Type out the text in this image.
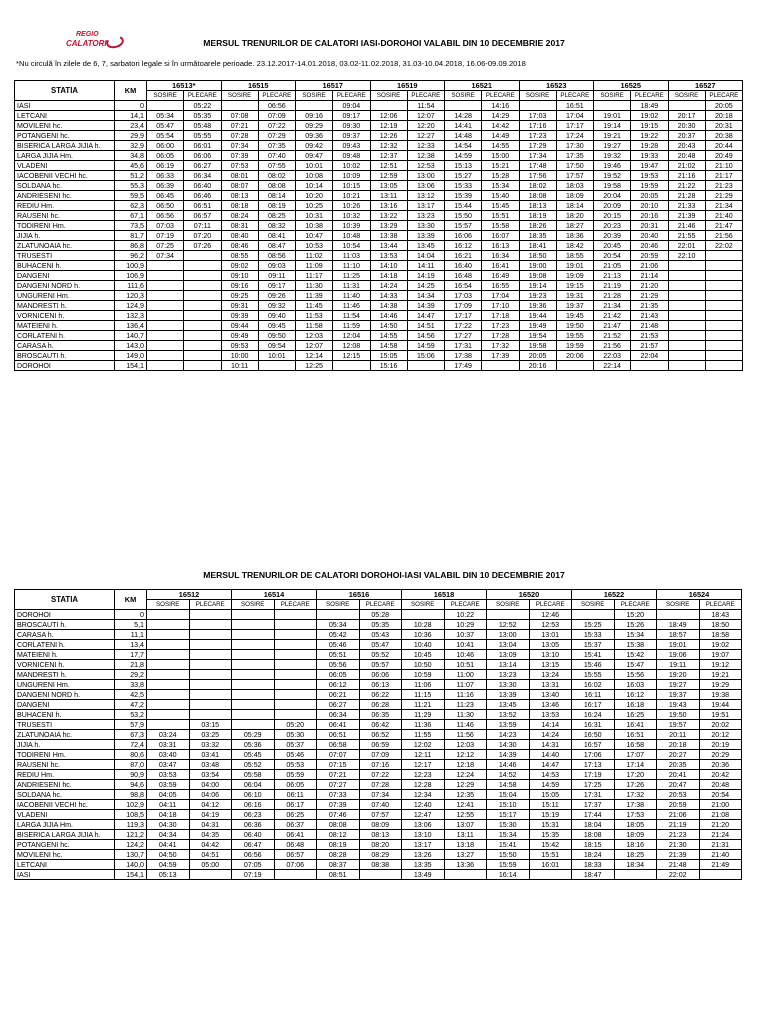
REGIO
CALATORI	MERSUL TRENURILOR DE CALATORI IASI-DOROHOI VALABIL DIN 10 DECEMBRIE 2017
*Nu circulă în zilele de 6, 7, sarbatori legale si în următoarele perioade. 23.12.2017-14.01.2018, 03.02-11.02.2018, 31.03-10.04.2018, 16.06-09.09.2018
STATIA	KM	16513*		16515		16517		16519		16521		16523		16525		16527	
		SOSIRE	PLECARE	SOSIRE	PLECARE	SOSIRE	PLECARE	SOSIRE	PLECARE	SOSIRE	PLECARE	SOSIRE	PLECARE	SOSIRE	PLECARE	SOSIRE	PLECARE
IASI	0		05:22		06:56		09:04		11:54		14:16		16:51		18:49		20:05
LETCANI	14,1	05:34	05:35	07:08	07:09	09:16	09:17	12:06	12:07	14:28	14:29	17:03	17:04	19:01	19:02	20:17	20:18
MOVILENI hc.	23,4	05:47	05:48	07:21	07:22	09:29	09:30	12:19	12:20	14:41	14:42	17:16	17:17	19:14	19:15	20:30	20:31
POTANGENI hc.	29,9	05:54	05:55	07:28	07:29	09:36	09:37	12:26	12:27	14:48	14:49	17:23	17:24	19:21	19:22	20:37	20:38
BISERICA LARGA JIJIA h.	32,9	06:00	06:01	07:34	07:35	09:42	09:43	12:32	12:33	14:54	14:55	17:29	17:30	19:27	19:28	20:43	20:44
LARGA JIJIA Hm.	34,8	06:05	06:06	07:39	07:40	09:47	09:48	12:37	12:38	14:59	15:00	17:34	17:35	19:32	19:33	20:48	20:49
VLADENI	45,6	06:19	06:27	07:53	07:55	10:01	10:02	12:51	12:53	15:13	15:21	17:48	17:50	19:46	19:47	21:02	21:10
IACOBENII VECHI hc.	51,2	06:33	06:34	08:01	08:02	10:08	10:09	12:59	13:00	15:27	15:28	17:56	17:57	19:52	19:53	21:16	21:17
SOLDANA hc.	55,3	06:39	06:40	08:07	08:08	10:14	10:15	13:05	13:06	15:33	15:34	18:02	18:03	19:58	19:59	21:22	21:23
ANDRIESENI hc.	59,5	06:45	06:46	08:13	08:14	10:20	10:21	13:11	13:12	15:39	15:40	18:08	18:09	20:04	20:05	21:28	21:29
REDIU Hm.	62,3	06:50	06:51	08:18	08:19	10:25	10:26	13:16	13:17	15:44	15:45	18:13	18:14	20:09	20:10	21:33	21:34
RAUSENI hc.	67,1	06:56	06:57	08:24	08:25	10:31	10:32	13:22	13:23	15:50	15:51	18:19	18:20	20:15	20:16	21:39	21:40
TODIRENI Hm.	73,5	07:03	07:11	08:31	08:32	10:38	10:39	13:29	13:30	15:57	15:58	18:26	18:27	20:23	20:31	21:46	21:47
JIJIA h.	81,7	07:19	07:20	08:40	08:41	10:47	10:48	13:38	13:39	16:06	16:07	18:35	18:36	20:39	20:40	21:55	21:56
ZLATUNOAIA hc.	86,8	07:25	07:26	08:46	08:47	10:53	10:54	13:44	13:45	16:12	16:13	18:41	18:42	20:45	20:46	22:01	22:02
TRUSESTI	96,2	07:34		08:55	08:56	11:02	11:03	13:53	14:04	16:21	16:34	18:50	18:55	20:54	20:59	22:10	
BUHACENI h.	100,9			09:02	09:03	11:09	11:10	14:10	14:11	16:40	16:41	19:00	19:01	21:05	21:06		
DANGENI	106,9			09:10	09:11	11:17	11:25	14:18	14:19	16:48	16:49	19:08	19:09	21:13	21:14		
DANGENI NORD h.	111,6			09:16	09:17	11:30	11:31	14:24	14:25	16:54	16:55	19:14	19:15	21:19	21:20		
UNGURENI Hm.	120,3			09:25	09:26	11:39	11:40	14:33	14:34	17:03	17:04	19:23	19:31	21:28	21:29		
MANDRESTI h.	124,9			09:31	09:32	11:45	11:46	14:38	14:39	17:09	17:10	19:36	19:37	21:34	21:35		
VORNICENI h.	132,3			09:39	09:40	11:53	11:54	14:46	14:47	17:17	17:18	19:44	19:45	21:42	21:43		
MATEIENI h.	136,4			09:44	09:45	11:58	11:59	14:50	14:51	17:22	17:23	19:49	19:50	21:47	21:48		
CORLATENI h.	140,7			09:49	09:50	12:03	12:04	14:55	14:56	17:27	17:28	19:54	19:55	21:52	21:53		
CARASA h.	143,0			09:53	09:54	12:07	12:08	14:58	14:59	17:31	17:32	19:58	19:59	21:56	21:57		
BROSCAUTI h.	149,0			10:00	10:01	12:14	12:15	15:05	15:06	17:38	17:39	20:05	20:06	22:03	22:04		
DOROHOI	154,1			10:11		12:25		15:16		17:49		20:16		22:14			
MERSUL TRENURILOR DE CALATORI DOROHOI-IASI VALABIL DIN 10 DECEMBRIE 2017
STATIA	KM	16512		16514		16516		16518		16520		16522		16524	
		SOSIRE	PLECARE	SOSIRE	PLECARE	SOSIRE	PLECARE	SOSIRE	PLECARE	SOSIRE	PLECARE	SOSIRE	PLECARE	SOSIRE	PLECARE
DOROHOI	0						05:28		10:22		12:46		15:20		18:43
BROSCAUTI h.	5,1					05:34	05:35	10:28	10:29	12:52	12:53	15:25	15:26	18:49	18:50
CARASA h.	11,1					05:42	05:43	10:36	10:37	13:00	13:01	15:33	15:34	18:57	18:58
CORLATENI h.	13,4					05:46	05:47	10:40	10:41	13:04	13:05	15:37	15:38	19:01	19:02
MATEIENI h.	17,7					05:51	05:52	10:45	10:46	13:09	13:10	15:41	15:42	19:06	19:07
VORNICENI h.	21,8					05:56	05:57	10:50	10:51	13:14	13:15	15:46	15:47	19:11	19:12
MANDRESTI h.	29,2					06:05	06:06	10:59	11:00	13:23	13:24	15:55	15:56	19:20	19:21
UNGURENI Hm.	33,8					06:12	06:13	11:06	11:07	13:30	13:31	16:02	16:03	19:27	19:29
DANGENI NORD h.	42,5					06:21	06:22	11:15	11:16	13:39	13:40	16:11	16:12	19:37	19:38
DANGENI	47,2					06:27	06:28	11:21	11:23	13:45	13:46	16:17	16:18	19:43	19:44
BUHACENI h.	53,2					06:34	06:35	11:29	11:30	13:52	13:53	16:24	16:25	19:50	19:51
TRUSESTI	57,9		03:15		05:20	06:41	06:42	11:36	11:46	13:59	14:14	16:31	16:41	19:57	20:02
ZLATUNOAIA hc.	67,3	03:24	03:25	05:29	05:30	06:51	06:52	11:55	11:56	14:23	14:24	16:50	16:51	20:11	20:12
JIJIA h.	72,4	03:31	03:32	05:36	05:37	06:58	06:59	12:02	12:03	14:30	14:31	16:57	16:58	20:18	20:19
TODIRENI Hm.	80,6	03:40	03:41	05:45	05:46	07:07	07:09	12:11	12:12	14:39	14:40	17:06	17:07	20:27	20:29
RAUSENI hc.	87,0	03:47	03:48	05:52	05:53	07:15	07:16	12:17	12:18	14:46	14:47	17:13	17:14	20:35	20:36
REDIU Hm.	90,9	03:53	03:54	05:58	05:59	07:21	07:22	12:23	12:24	14:52	14:53	17:19	17:20	20:41	20:42
ANDRIESENI hc.	94,6	03:59	04:00	06:04	06:05	07:27	07:28	12:28	12:29	14:58	14:59	17:25	17:26	20:47	20:48
SOLDANA hc.	98,8	04:05	04:06	06:10	06:11	07:33	07:34	12:34	12:35	15:04	15:05	17:31	17:32	20:53	20:54
IACOBENII VECHI hc.	102,9	04:11	04:12	06:16	06:17	07:39	07:40	12:40	12:41	15:10	15:11	17:37	17:38	20:59	21:00
VLADENI	108,5	04:18	04:19	06:23	06:25	07:46	07:57	12:47	12:55	15:17	15:19	17:44	17:53	21:06	21:08
LARGA JIJIA Hm.	119,3	04:30	04:31	06:36	06:37	08:08	08:09	13:06	13:07	15:30	15:31	18:04	18:05	21:19	21:20
BISERICA LARGA JIJIA h.	121,2	04:34	04:35	06:40	06:41	08:12	08:13	13:10	13:11	15:34	15:35	18:08	18:09	21:23	21:24
POTANGENI hc.	124,2	04:41	04:42	06:47	06:48	08:19	08:20	13:17	13:18	15:41	15:42	18:15	18:16	21:30	21:31
MOVILENI hc.	130,7	04:50	04:51	06:56	06:57	08:28	08:29	13:26	13:27	15:50	15:51	18:24	18:25	21:39	21:40
LETCANI	140,0	04:59	05:00	07:05	07:06	08:37	08:38	13:35	13:36	15:59	16:01	18:33	18:34	21:48	21:49
IASI	154,1	05:13		07:19		08:51		13:49		16:14		18:47		22:02	
